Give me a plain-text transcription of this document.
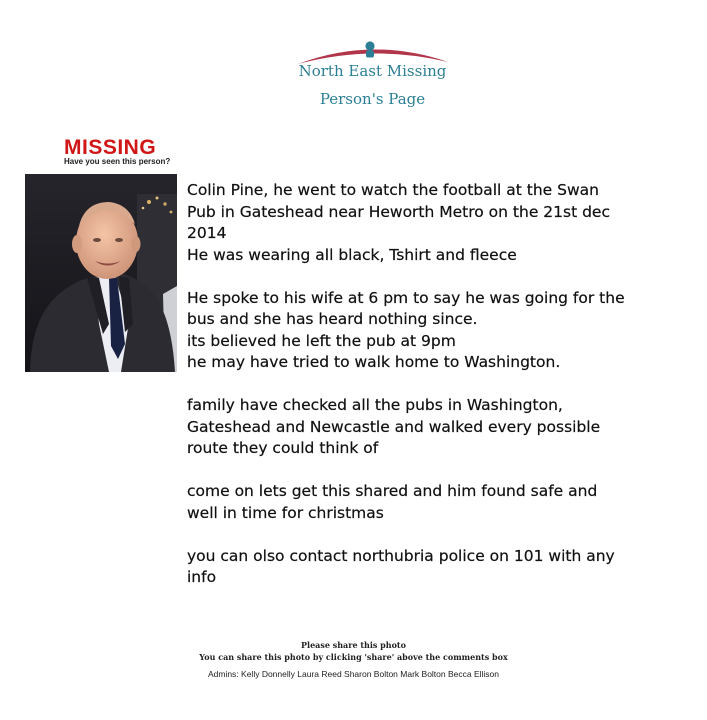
North East Missing
Person's Page
MISSING
Have you seen this person?

Colin Pine, he went to watch the football at the Swan
Pub in Gateshead near Heworth Metro on the 21st dec
2014
He was wearing all black, Tshirt and fleece

He spoke to his wife at 6 pm to say he was going for the
bus and she has heard nothing since.
its believed he left the pub at 9pm
he may have tried to walk home to Washington.

family have checked all the pubs in Washington,
Gateshead and Newcastle and walked every possible
route they could think of

come on lets get this shared and him found safe and
well in time for christmas

you can olso contact northubria police on 101 with any
info

Please share this photo
You can share this photo by clicking 'share' above the comments box
Admins: Kelly Donnelly Laura Reed Sharon Bolton Mark Bolton Becca Ellison
